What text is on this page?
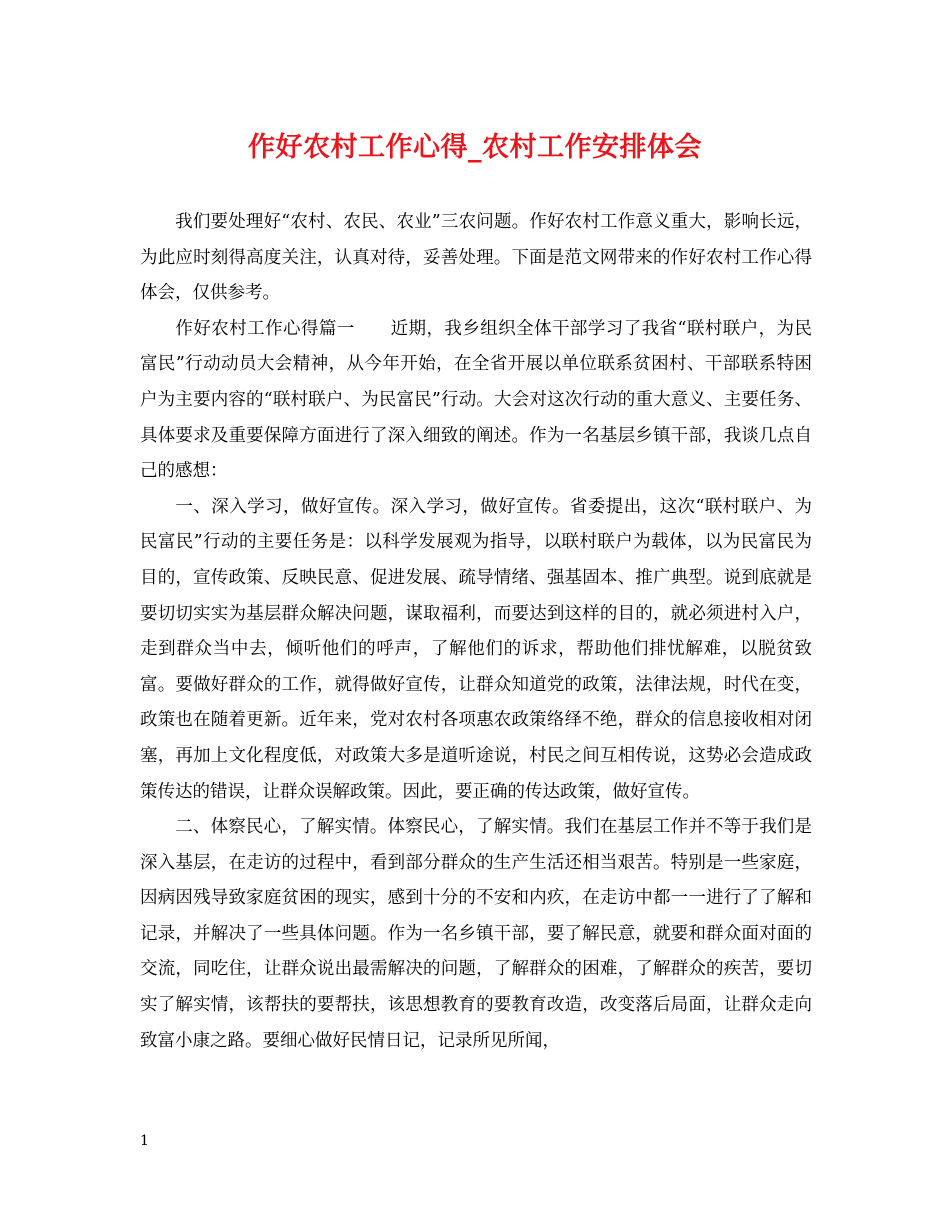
作好农村工作心得_农村工作安排体会

我们要处理好“农村、农民、农业”三农问题。作好农村工作意义重大，影响长远，为此应时刻得高度关注，认真对待，妥善处理。下面是范文网带来的作好农村工作心得体会，仅供参考。

作好农村工作心得篇一　　近期，我乡组织全体干部学习了我省“联村联户，为民富民”行动动员大会精神，从今年开始，在全省开展以单位联系贫困村、干部联系特困户为主要内容的“联村联户、为民富民”行动。大会对这次行动的重大意义、主要任务、具体要求及重要保障方面进行了深入细致的阐述。作为一名基层乡镇干部，我谈几点自己的感想：

一、深入学习，做好宣传。深入学习，做好宣传。省委提出，这次“联村联户、为民富民”行动的主要任务是：以科学发展观为指导，以联村联户为载体，以为民富民为目的，宣传政策、反映民意、促进发展、疏导情绪、强基固本、推广典型。说到底就是要切切实实为基层群众解决问题，谋取福利，而要达到这样的目的，就必须进村入户，走到群众当中去，倾听他们的呼声，了解他们的诉求，帮助他们排忧解难，以脱贫致富。要做好群众的工作，就得做好宣传，让群众知道党的政策，法律法规，时代在变，政策也在随着更新。近年来，党对农村各项惠农政策络绎不绝，群众的信息接收相对闭塞，再加上文化程度低，对政策大多是道听途说，村民之间互相传说，这势必会造成政策传达的错误，让群众误解政策。因此，要正确的传达政策，做好宣传。

二、体察民心，了解实情。体察民心，了解实情。我们在基层工作并不等于我们是深入基层，在走访的过程中，看到部分群众的生产生活还相当艰苦。特别是一些家庭，因病因残导致家庭贫困的现实，感到十分的不安和内疚，在走访中都一一进行了了解和记录，并解决了一些具体问题。作为一名乡镇干部，要了解民意，就要和群众面对面的交流，同吃住，让群众说出最需解决的问题，了解群众的困难，了解群众的疾苦，要切实了解实情，该帮扶的要帮扶，该思想教育的要教育改造，改变落后局面，让群众走向致富小康之路。要细心做好民情日记，记录所见所闻，

1
